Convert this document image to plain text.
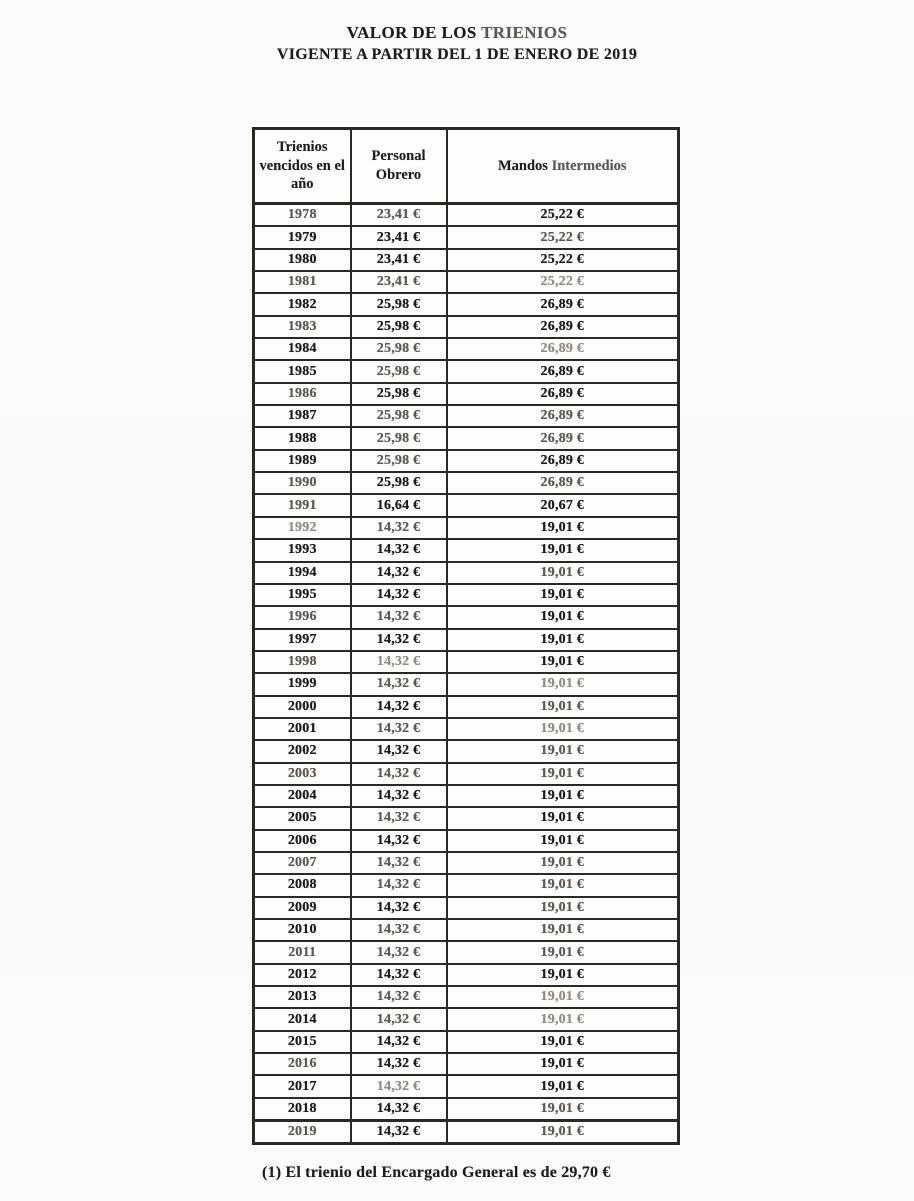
VALOR DE LOS TRIENIOS
VIGENTE A PARTIR DEL 1 DE ENERO DE 2019
Trienios vencidos en el año	Personal Obrero	Mandos Intermedios
1978	23,41 €	25,22 €
1979	23,41 €	25,22 €
1980	23,41 €	25,22 €
1981	23,41 €	25,22 €
1982	25,98 €	26,89 €
1983	25,98 €	26,89 €
1984	25,98 €	26,89 €
1985	25,98 €	26,89 €
1986	25,98 €	26,89 €
1987	25,98 €	26,89 €
1988	25,98 €	26,89 €
1989	25,98 €	26,89 €
1990	25,98 €	26,89 €
1991	16,64 €	20,67 €
1992	14,32 €	19,01 €
1993	14,32 €	19,01 €
1994	14,32 €	19,01 €
1995	14,32 €	19,01 €
1996	14,32 €	19,01 €
1997	14,32 €	19,01 €
1998	14,32 €	19,01 €
1999	14,32 €	19,01 €
2000	14,32 €	19,01 €
2001	14,32 €	19,01 €
2002	14,32 €	19,01 €
2003	14,32 €	19,01 €
2004	14,32 €	19,01 €
2005	14,32 €	19,01 €
2006	14,32 €	19,01 €
2007	14,32 €	19,01 €
2008	14,32 €	19,01 €
2009	14,32 €	19,01 €
2010	14,32 €	19,01 €
2011	14,32 €	19,01 €
2012	14,32 €	19,01 €
2013	14,32 €	19,01 €
2014	14,32 €	19,01 €
2015	14,32 €	19,01 €
2016	14,32 €	19,01 €
2017	14,32 €	19,01 €
2018	14,32 €	19,01 €
2019	14,32 €	19,01 €
(1) El trienio del Encargado General es de 29,70 €
